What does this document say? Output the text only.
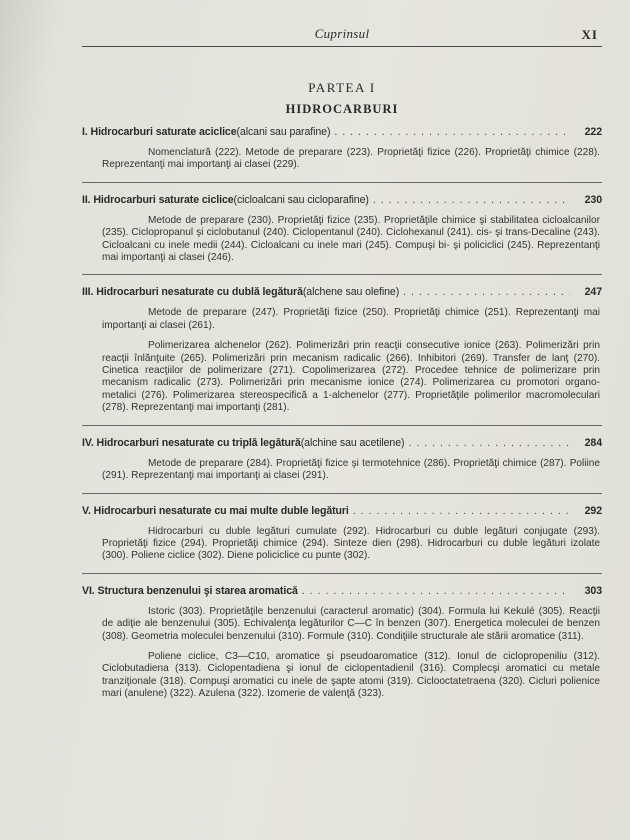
Cuprinsul	XI
PARTEA I
HIDROCARBURI
I. Hidrocarburi saturate aciclice (alcani sau parafine) . . .	222

Nomenclatură (222). Metode de preparare (223). Proprietăţi fizice (226). Proprietăţi chimice (228). Reprezentanţi mai importanţi ai clasei (229).

II. Hidrocarburi saturate ciclice (cicloalcani sau cicloparafine) . . .	230

Metode de preparare (230). Proprietăţi fizice (235). Proprietăţile chimice şi stabilitatea cicloalcanilor (235). Ciclopropanul şi ciclobutanul (240). Ciclopentanul (240). Ciclohexanul (241). cis- şi trans-Decaline (243). Cicloalcani cu inele medii (244). Cicloalcani cu inele mari (245). Compuşi bi- şi policiclici (245). Reprezentanţi mai importanţi ai clasei (246).

III. Hidrocarburi nesaturate cu dublă legătură (alchene sau olefine) . . .	247

Metode de preparare (247). Proprietăţi fizice (250). Proprietăţi chimice (251). Reprezentanţi mai importanţi ai clasei (261).

Polimerizarea alchenelor (262). Polimerizări prin reacţii consecutive ionice (263). Polimerizări prin reacţii înlănţuite (265). Polimerizări prin mecanism radicalic (266). Inhibitori (269). Transfer de lanţ (270). Cinetica reacţiilor de polimerizare (271). Copolimerizarea (272). Procedee tehnice de polimerizare prin mecanism radicalic (273). Polimerizări prin mecanisme ionice (274). Polimerizarea cu promotori organo-metalici (276). Polimerizarea stereospecifică a 1-alchenelor (277). Proprietăţile polimerilor macromoleculari (278). Reprezentanţi mai importanţi (281).

IV. Hidrocarburi nesaturate cu triplă legătură (alchine sau acetilene) . . .	284

Metode de preparare (284). Proprietăţi fizice şi termotehnice (286). Proprietăţi chimice (287). Poliine (291). Reprezentanţi mai importanţi ai clasei (291).

V. Hidrocarburi nesaturate cu mai multe duble legături . . .	292

Hidrocarburi cu duble legături cumulate (292). Hidrocarburi cu duble legături conjugate (293). Proprietăţi fizice (294). Proprietăţi chimice (294). Sinteze dien (298). Hidrocarburi cu duble legături izolate (300). Poliene ciclice (302). Diene policiclice cu punte (302).

VI. Structura benzenului şi starea aromatică . . .	303

Istoric (303). Proprietăţile benzenului (caracterul aromatic) (304). Formula lui Kekulé (305). Reacţii de adiţie ale benzenului (305). Echivalenţa legăturilor C—C în benzen (307). Energetica moleculei de benzen (308). Geometria moleculei benzenului (310). Formule (310). Condiţiile structurale ale stării aromatice (311).

Poliene ciclice, C3—C10, aromatice şi pseudoaromatice (312). Ionul de ciclopropeniliu (312). Ciclobutadiena (313). Ciclopentadiena şi ionul de ciclopentadienil (316). Complecşi aromatici cu metale tranziţionale (318). Compuşi aromatici cu inele de şapte atomi (319). Ciclooctatetraena (320). Cicluri polienice mari (anulene) (322). Azulena (322). Izomerie de valenţă (323).
